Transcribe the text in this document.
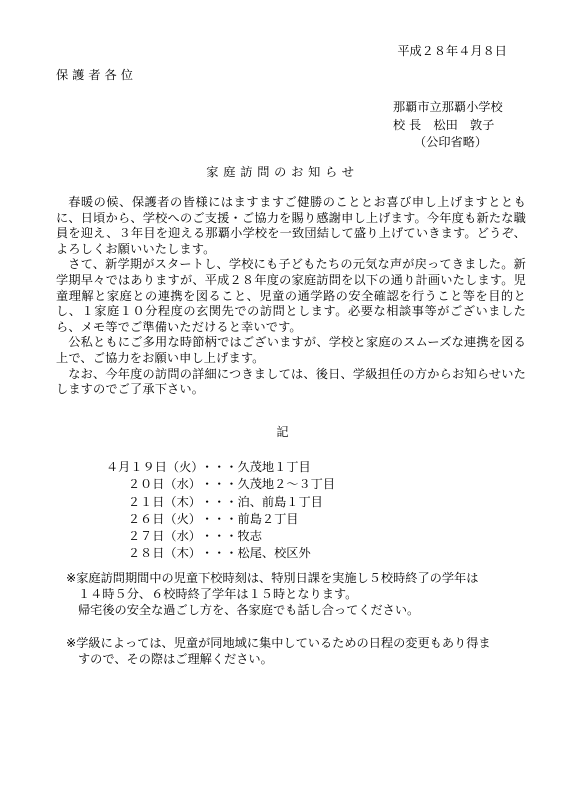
平成２８年４月８日
保護者各位
那覇市立那覇小学校
校 長　松田　敦子
（公印省略）
家庭訪問のお知らせ

春暖の候、保護者の皆様にはますますご健勝のこととお喜び申し上げますとともに、日頃から、学校へのご支援・ご協力を賜り感謝申し上げます。今年度も新たな職員を迎え、３年目を迎える那覇小学校を一致団結して盛り上げていきます。どうぞ、よろしくお願いいたします。

さて、新学期がスタートし、学校にも子どもたちの元気な声が戻ってきました。新学期早々ではありますが、平成２８年度の家庭訪問を以下の通り計画いたします。児童理解と家庭との連携を図ること、児童の通学路の安全確認を行うこと等を目的とし、１家庭１０分程度の玄関先での訪問とします。必要な相談事等がございましたら、メモ等でご準備いただけると幸いです。

公私ともにご多用な時節柄ではございますが、学校と家庭のスムーズな連携を図る上で、ご協力をお願い申し上げます。

なお、今年度の訪問の詳細につきましては、後日、学級担任の方からお知らせいたしますのでご了承下さい。

記
４月１９日（火）・・・久茂地１丁目
２０日（水）・・・久茂地２～３丁目
２１日（木）・・・泊、前島１丁目
２６日（火）・・・前島２丁目
２７日（水）・・・牧志
２８日（木）・・・松尾、校区外
※家庭訪問期間中の児童下校時刻は、特別日課を実施し５校時終了の学年は
１４時５分、６校時終了学年は１５時となります。
帰宅後の安全な過ごし方を、各家庭でも話し合ってください。
※学級によっては、児童が同地域に集中しているための日程の変更もあり得ま
すので、その際はご理解ください。
